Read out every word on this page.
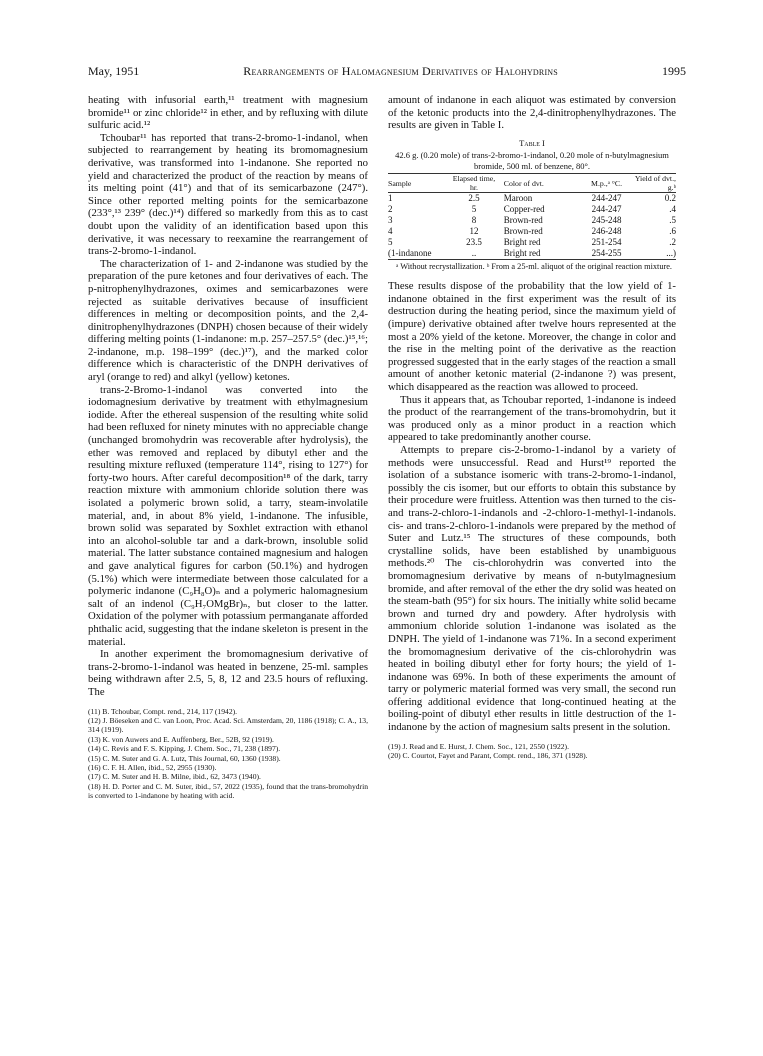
May, 1951	Rearrangements of Halomagnesium Derivatives of Halohydrins	1995

heating with infusorial earth,¹¹ treatment with magnesium bromide¹¹ or zinc chloride¹² in ether, and by refluxing with dilute sulfuric acid.¹²

Tchoubar¹¹ has reported that trans-2-bromo-1-indanol, when subjected to rearrangement by heating its bromomagnesium derivative, was transformed into 1-indanone. She reported no yield and characterized the product of the reaction by means of its melting point (41°) and that of its semicarbazone (247°). Since other reported melting points for the semicarbazone (233°,¹³ 239° (dec.)¹⁴) differed so markedly from this as to cast doubt upon the validity of an identification based upon this derivative, it was necessary to reexamine the rearrangement of trans-2-bromo-1-indanol.

The characterization of 1- and 2-indanone was studied by the preparation of the pure ketones and four derivatives of each. The p-nitrophenylhydrazones, oximes and semicarbazones were rejected as suitable derivatives because of insufficient differences in melting or decomposition points, and the 2,4-dinitrophenylhydrazones (DNPH) chosen because of their widely differing melting points (1-indanone: m.p. 257–257.5° (dec.)¹⁵,¹⁶; 2-indanone, m.p. 198–199° (dec.)¹⁷), and the marked color difference which is characteristic of the DNPH derivatives of aryl (orange to red) and alkyl (yellow) ketones.

trans-2-Bromo-1-indanol was converted into the iodomagnesium derivative by treatment with ethylmagnesium iodide. After the ethereal suspension of the resulting white solid had been refluxed for ninety minutes with no appreciable change (unchanged bromohydrin was recoverable after hydrolysis), the ether was removed and replaced by dibutyl ether and the resulting mixture refluxed (temperature 114°, rising to 127°) for forty-two hours. After careful decomposition¹⁸ of the dark, tarry reaction mixture with ammonium chloride solution there was isolated a polymeric brown solid, a tarry, steam-involatile material, and, in about 8% yield, 1-indanone. The infusible, brown solid was separated by Soxhlet extraction with ethanol into an alcohol-soluble tar and a dark-brown, insoluble solid material. The latter substance contained magnesium and halogen and gave analytical figures for carbon (50.1%) and hydrogen (5.1%) which were intermediate between those calculated for a polymeric indanone (C₉H₈O)ₙ and a polymeric halomagnesium salt of an indenol (C₉H₇OMgBr)ₙ, but closer to the latter. Oxidation of the polymer with potassium permanganate afforded phthalic acid, suggesting that the indane skeleton is present in the material.

In another experiment the bromomagnesium derivative of trans-2-bromo-1-indanol was heated in benzene, 25-ml. samples being withdrawn after 2.5, 5, 8, 12 and 23.5 hours of refluxing. The

(11) B. Tchoubar, Compt. rend., 214, 117 (1942).
(12) J. Böeseken and C. van Loon, Proc. Acad. Sci. Amsterdam, 20, 1186 (1918); C. A., 13, 314 (1919).
(13) K. von Auwers and E. Auffenberg, Ber., 52B, 92 (1919).
(14) C. Revis and F. S. Kipping, J. Chem. Soc., 71, 238 (1897).
(15) C. M. Suter and G. A. Lutz, This Journal, 60, 1360 (1938).
(16) C. F. H. Allen, ibid., 52, 2955 (1930).
(17) C. M. Suter and H. B. Milne, ibid., 62, 3473 (1940).
(18) H. D. Porter and C. M. Suter, ibid., 57, 2022 (1935), found that the trans-bromohydrin is converted to 1-indanone by heating with acid.

amount of indanone in each aliquot was estimated by conversion of the ketonic products into the 2,4-dinitrophenylhydrazones. The results are given in Table I.

Table I
42.6 g. (0.20 mole) of trans-2-bromo-1-indanol, 0.20 mole of n-butylmagnesium bromide, 500 ml. of benzene, 80°.
Sample	Elapsed time, hr.	Color of dvt.	M.p.,ᵃ °C.	Yield of dvt., g.ᵇ
1	2.5	Maroon	244-247	0.2
2	5	Copper-red	244-247	.4
3	8	Brown-red	245-248	.5
4	12	Brown-red	246-248	.6
5	23.5	Bright red	251-254	.2
(1-indanone	..	Bright red	254-255	...)
ᵃ Without recrystallization. ᵇ From a 25-ml. aliquot of the original reaction mixture.

These results dispose of the probability that the low yield of 1-indanone obtained in the first experiment was the result of its destruction during the heating period, since the maximum yield of (impure) derivative obtained after twelve hours represented at the most a 20% yield of the ketone. Moreover, the change in color and the rise in the melting point of the derivative as the reaction progressed suggested that in the early stages of the reaction a small amount of another ketonic material (2-indanone ?) was present, which disappeared as the reaction was allowed to proceed.

Thus it appears that, as Tchoubar reported, 1-indanone is indeed the product of the rearrangement of the trans-bromohydrin, but it was produced only as a minor product in a reaction which appeared to take predominantly another course.

Attempts to prepare cis-2-bromo-1-indanol by a variety of methods were unsuccessful. Read and Hurst¹⁹ reported the isolation of a substance isomeric with trans-2-bromo-1-indanol, possibly the cis isomer, but our efforts to obtain this substance by their procedure were fruitless. Attention was then turned to the cis- and trans-2-chloro-1-indanols and -2-chloro-1-methyl-1-indanols. cis- and trans-2-chloro-1-indanols were prepared by the method of Suter and Lutz.¹⁵ The structures of these compounds, both crystalline solids, have been established by unambiguous methods.²⁰ The cis-chlorohydrin was converted into the bromomagnesium derivative by means of n-butylmagnesium bromide, and after removal of the ether the dry solid was heated on the steam-bath (95°) for six hours. The initially white solid became brown and turned dry and powdery. After hydrolysis with ammonium chloride solution 1-indanone was isolated as the DNPH. The yield of 1-indanone was 71%. In a second experiment the bromomagnesium derivative of the cis-chlorohydrin was heated in boiling dibutyl ether for forty hours; the yield of 1-indanone was 69%. In both of these experiments the amount of tarry or polymeric material formed was very small, the second run offering additional evidence that long-continued heating at the boiling-point of dibutyl ether results in little destruction of the 1-indanone by the action of magnesium salts present in the solution.

(19) J. Read and E. Hurst, J. Chem. Soc., 121, 2550 (1922).
(20) C. Courtot, Fayet and Parant, Compt. rend., 186, 371 (1928).
